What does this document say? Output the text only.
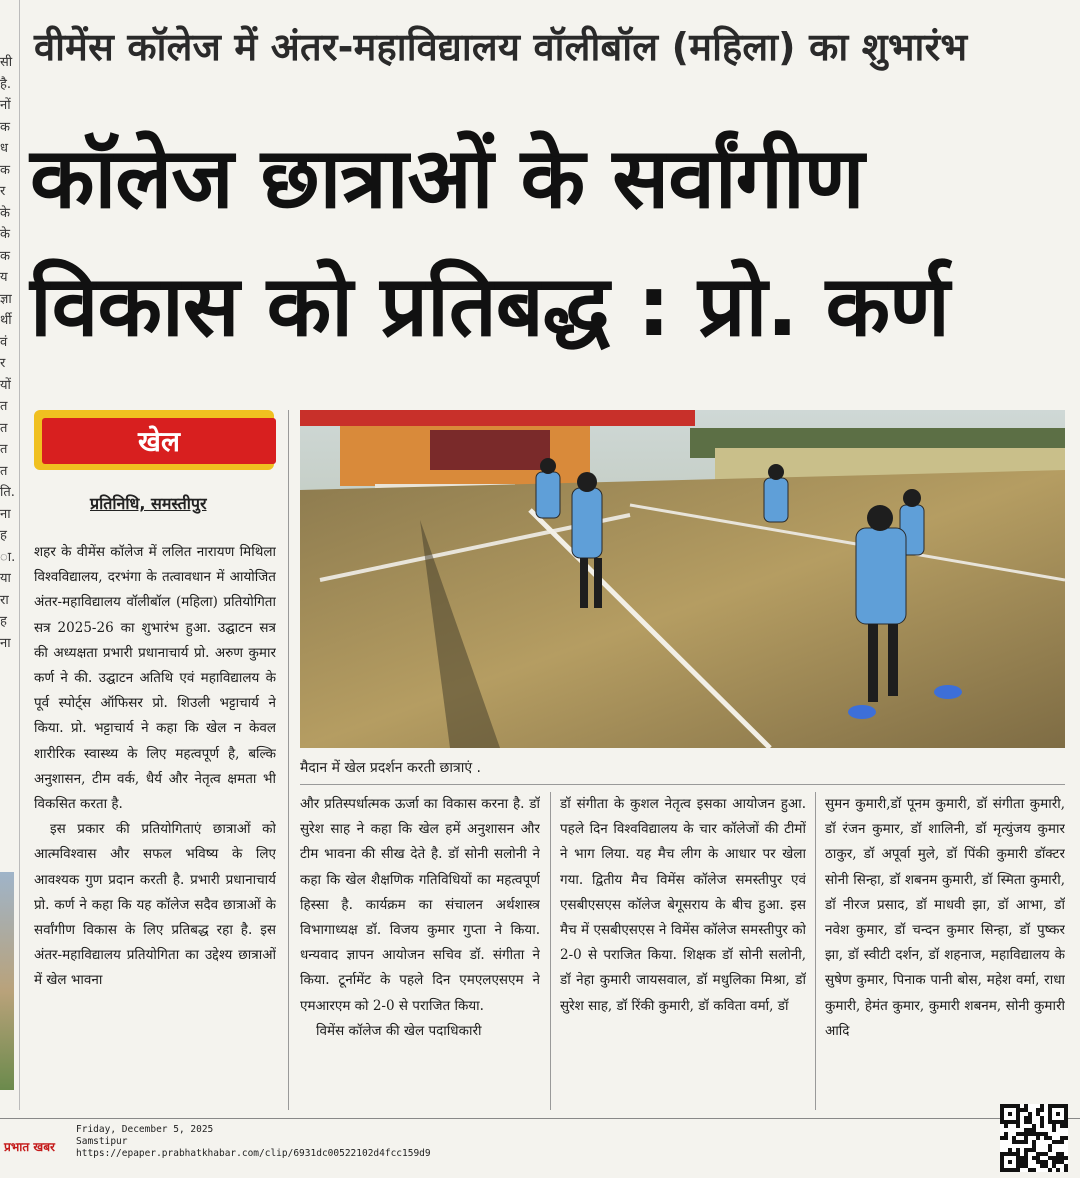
सी
है.
नों
क
ध
क
र
के
के
क
य
ज्ञा
र्थी
वं
र
यों
त
त
त
त
ति.
ना
ह
ा.
या
रा
ह
ना
वीमेंस कॉलेज में अंतर-महाविद्यालय वॉलीबॉल (महिला) का शुभारंभ
कॉलेज छात्राओं के सर्वांगीण
विकास को प्रतिबद्ध : प्रो. कर्ण
खेल
प्रतिनिधि, समस्तीपुर

शहर के वीमेंस कॉलेज में ललित नारायण मिथिला विश्वविद्यालय, दरभंगा के तत्वावधान में आयोजित अंतर-महाविद्यालय वॉलीबॉल (महिला) प्रतियोगिता सत्र 2025-26 का शुभारंभ हुआ. उद्घाटन सत्र की अध्यक्षता प्रभारी प्रधानाचार्य प्रो. अरुण कुमार कर्ण ने की. उद्घाटन अतिथि एवं महाविद्यालय के पूर्व स्पोर्ट्स ऑफिसर प्रो. शिउली भट्टाचार्य ने किया. प्रो. भट्टाचार्य ने कहा कि खेल न केवल शारीरिक स्वास्थ्य के लिए महत्वपूर्ण है, बल्कि अनुशासन, टीम वर्क, धैर्य और नेतृत्व क्षमता भी विकसित करता है.

इस प्रकार की प्रतियोगिताएं छात्राओं को आत्मविश्वास और सफल भविष्य के लिए आवश्यक गुण प्रदान करती है. प्रभारी प्रधानाचार्य प्रो. कर्ण ने कहा कि यह कॉलेज सदैव छात्राओं के सर्वांगीण विकास के लिए प्रतिबद्ध रहा है. इस अंतर-महाविद्यालय प्रतियोगिता का उद्देश्य छात्राओं में खेल भावना

मैदान में खेल प्रदर्शन करती छात्राएं .

और प्रतिस्पर्धात्मक ऊर्जा का विकास करना है. डॉ सुरेश साह ने कहा कि खेल हमें अनुशासन और टीम भावना की सीख देते है. डॉ सोनी सलोनी ने कहा कि खेल शैक्षणिक गतिविधियों का महत्वपूर्ण हिस्सा है. कार्यक्रम का संचालन अर्थशास्त्र विभागाध्यक्ष डॉ. विजय कुमार गुप्ता ने किया. धन्यवाद ज्ञापन आयोजन सचिव डॉ. संगीता ने किया. टूर्नामेंट के पहले दिन एमएलएसएम ने एमआरएम को 2-0 से पराजित किया.

विमेंस कॉलेज की खेल पदाधिकारी

डॉ संगीता के कुशल नेतृत्व इसका आयोजन हुआ. पहले दिन विश्वविद्यालय के चार कॉलेजों की टीमों ने भाग लिया. यह मैच लीग के आधार पर खेला गया. द्वितीय मैच विमेंस कॉलेज समस्तीपुर एवं एसबीएसएस कॉलेज बेगूसराय के बीच हुआ. इस मैच में एसबीएसएस ने विमेंस कॉलेज समस्तीपुर को 2-0 से पराजित किया. शिक्षक डॉ सोनी सलोनी, डॉ नेहा कुमारी जायसवाल, डॉ मधुलिका मिश्रा, डॉ सुरेश साह, डॉ रिंकी कुमारी, डॉ कविता वर्मा, डॉ

सुमन कुमारी,डॉ पूनम कुमारी, डॉ संगीता कुमारी, डॉ रंजन कुमार, डॉ शालिनी, डॉ मृत्युंजय कुमार ठाकुर, डॉ अपूर्वा मुले, डॉ पिंकी कुमारी डॉक्टर सोनी सिन्हा, डॉ शबनम कुमारी, डॉ स्मिता कुमारी, डॉ नीरज प्रसाद, डॉ माधवी झा, डॉ आभा, डॉ नवेश कुमार, डॉ चन्दन कुमार सिन्हा, डॉ पुष्कर झा, डॉ स्वीटी दर्शन, डॉ शहनाज, महाविद्यालय के सुषेण कुमार, पिनाक पानी बोस, महेश वर्मा, राधा कुमारी, हेमंत कुमार, कुमारी शबनम, सोनी कुमारी आदि

प्रभात खबर
Friday, December 5, 2025
Samstipur
https://epaper.prabhatkhabar.com/clip/6931dc00522102d4fcc159d9
